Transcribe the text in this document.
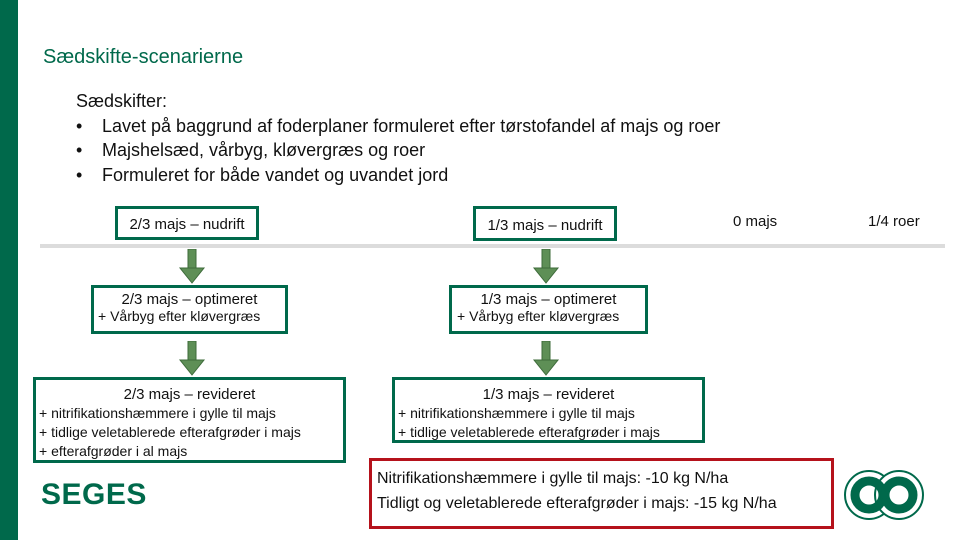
Sædskifte-scenarierne
Sædskifter:
• Lavet på baggrund af foderplaner formuleret efter tørstofandel af majs og roer
• Majshelsæd, vårbyg, kløvergræs og roer
• Formuleret for både vandet og uvandet jord
2/3 majs – nudrift
2/3 majs – optimeret
+ Vårbyg efter kløvergræs
2/3 majs – revideret
+ nitrifikationshæmmere i gylle til majs
+ tidlige veletablerede efterafgrøder i majs
+ efterafgrøder i al majs
1/3 majs – nudrift
1/3 majs – optimeret
+ Vårbyg efter kløvergræs
1/3 majs – revideret
+ nitrifikationshæmmere i gylle til majs
+ tidlige veletablerede efterafgrøder i majs
0 majs	1/4 roer
Nitrifikationshæmmere i gylle til majs: -10 kg N/ha
Tidligt og veletablerede efterafgrøder i majs: -15 kg N/ha
SEGES
